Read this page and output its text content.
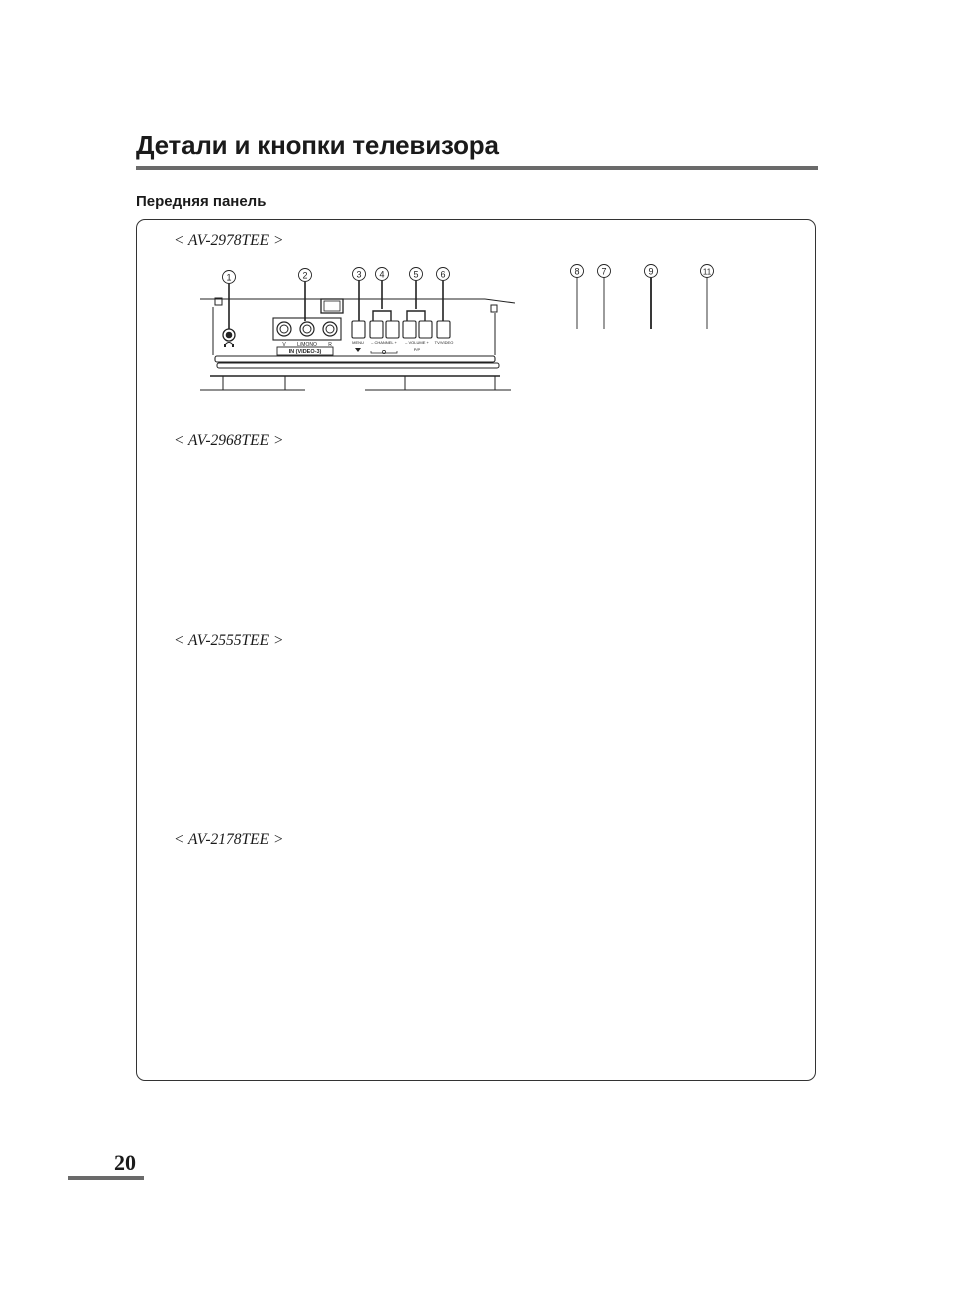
Детали и кнопки телевизора
Передняя панель
< AV-2978TEE >
< AV-2968TEE >
< AV-2555TEE >
< AV-2178TEE >
1	2	3 4	5 6
V L/MONO R
IN (VIDEO-3)
MENU – CHANNEL + – VOLUME + TV/VIDEO
P/P
8 7	9	11
20
